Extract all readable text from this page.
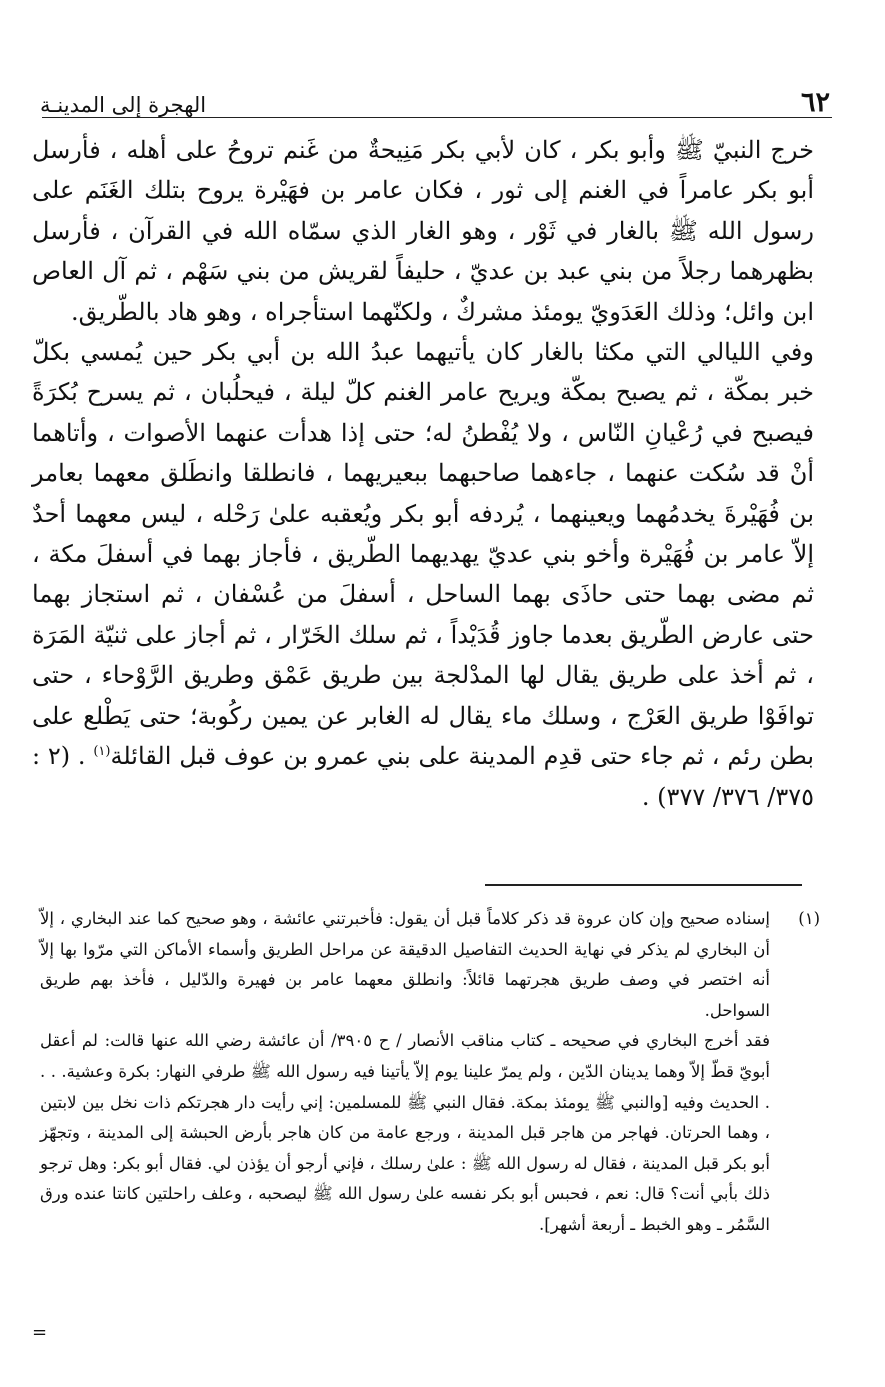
٦٢
الهجرة إلى المدينـة

خرج النبيّ ﷺ وأبو بكر ، كان لأبي بكر مَنِيحةٌ من غَنم تروحُ على أهله ، فأرسل أبو بكر عامراً في الغنم إلى ثور ، فكان عامر بن فهَيْرة يروح بتلك الغَنَم على رسول الله ﷺ بالغار في ثَوْر ، وهو الغار الذي سمّاه الله في القرآن ، فأرسل بظهرهما رجلاً من بني عبد بن عديّ ، حليفاً لقريش من بني سَهْم ، ثم آل العاص ابن وائل؛ وذلك العَدَويّ يومئذ مشركٌ ، ولكنّهما استأجراه ، وهو هاد بالطّريق.

وفي الليالي التي مكثا بالغار كان يأتيهما عبدُ الله بن أبي بكر حين يُمسي بكلّ خبر بمكّة ، ثم يصبح بمكّة ويريح عامر الغنم كلّ ليلة ، فيحلُبان ، ثم يسرح بُكرَةً فيصبح في رُعْيانِ النّاس ، ولا يُفْطنُ له؛ حتى إذا هدأت عنهما الأصوات ، وأتاهما أنْ قد سُكت عنهما ، جاءهما صاحبهما ببعيريهما ، فانطلقا وانطَلق معهما بعامر بن فُهَيْرةَ يخدمُهما ويعينهما ، يُردفه أبو بكر ويُعقبه علىٰ رَحْله ، ليس معهما أحدٌ إلاّ عامر بن فُهَيْرة وأخو بني عديّ يهديهما الطّريق ، فأجاز بهما في أسفلَ مكة ، ثم مضى بهما حتى حاذَى بهما الساحل ، أسفلَ من عُسْفان ، ثم استجاز بهما حتى عارض الطّريق بعدما جاوز قُدَيْداً ، ثم سلك الخَرّار ، ثم أجاز على ثنيّة المَرَة ، ثم أخذ على طريق يقال لها المدْلجة بين طريق عَمْق وطريق الرَّوْحاء ، حتى توافَوْا طريق العَرْج ، وسلك ماء يقال له الغابر عن يمين ركُوبة؛ حتى يَطْلع على بطن رئم ، ثم جاء حتى قدِم المدينة على بني عمرو بن عوف قبل القائلة$^{(١)}$ . (٢ : ٣٧٥/ ٣٧٦/ ٣٧٧) .

(١)

إسناده صحيح وإن كان عروة قد ذكر كلاماً قبل أن يقول: فأخبرتني عائشة ، وهو صحيح كما عند البخاري ، إلاّ أن البخاري لم يذكر في نهاية الحديث التفاصيل الدقيقة عن مراحل الطريق وأسماء الأماكن التي مرّوا بها إلاّ أنه اختصر في وصف طريق هجرتهما قائلاً: وانطلق معهما عامر بن فهيرة والدّليل ، فأخذ بهم طريق السواحل.

فقد أخرج البخاري في صحيحه ـ كتاب مناقب الأنصار / ح ٣٩٠٥/ أن عائشة رضي الله عنها قالت: لم أعقل أبويّ قطّ إلاّ وهما يدينان الدّين ، ولم يمرّ علينا يوم إلاّ يأتينا فيه رسول الله ﷺ طرفي النهار: بكرة وعشية. . . . الحديث وفيه [والنبي ﷺ يومئذ بمكة. فقال النبي ﷺ للمسلمين: إني رأيت دار هجرتكم ذات نخل بين لابتين ، وهما الحرتان. فهاجر من هاجر قبل المدينة ، ورجع عامة من كان هاجر بأرض الحبشة إلى المدينة ، وتجهّز أبو بكر قبل المدينة ، فقال له رسول الله ﷺ : علىٰ رسلك ، فإني أرجو أن يؤذن لي. فقال أبو بكر: وهل ترجو ذلك بأبي أنت؟ قال: نعم ، فحبس أبو بكر نفسه علىٰ رسول الله ﷺ ليصحبه ، وعلف راحلتين كانتا عنده ورق السَّمُر ـ وهو الخبط ـ أربعة أشهر].

=
